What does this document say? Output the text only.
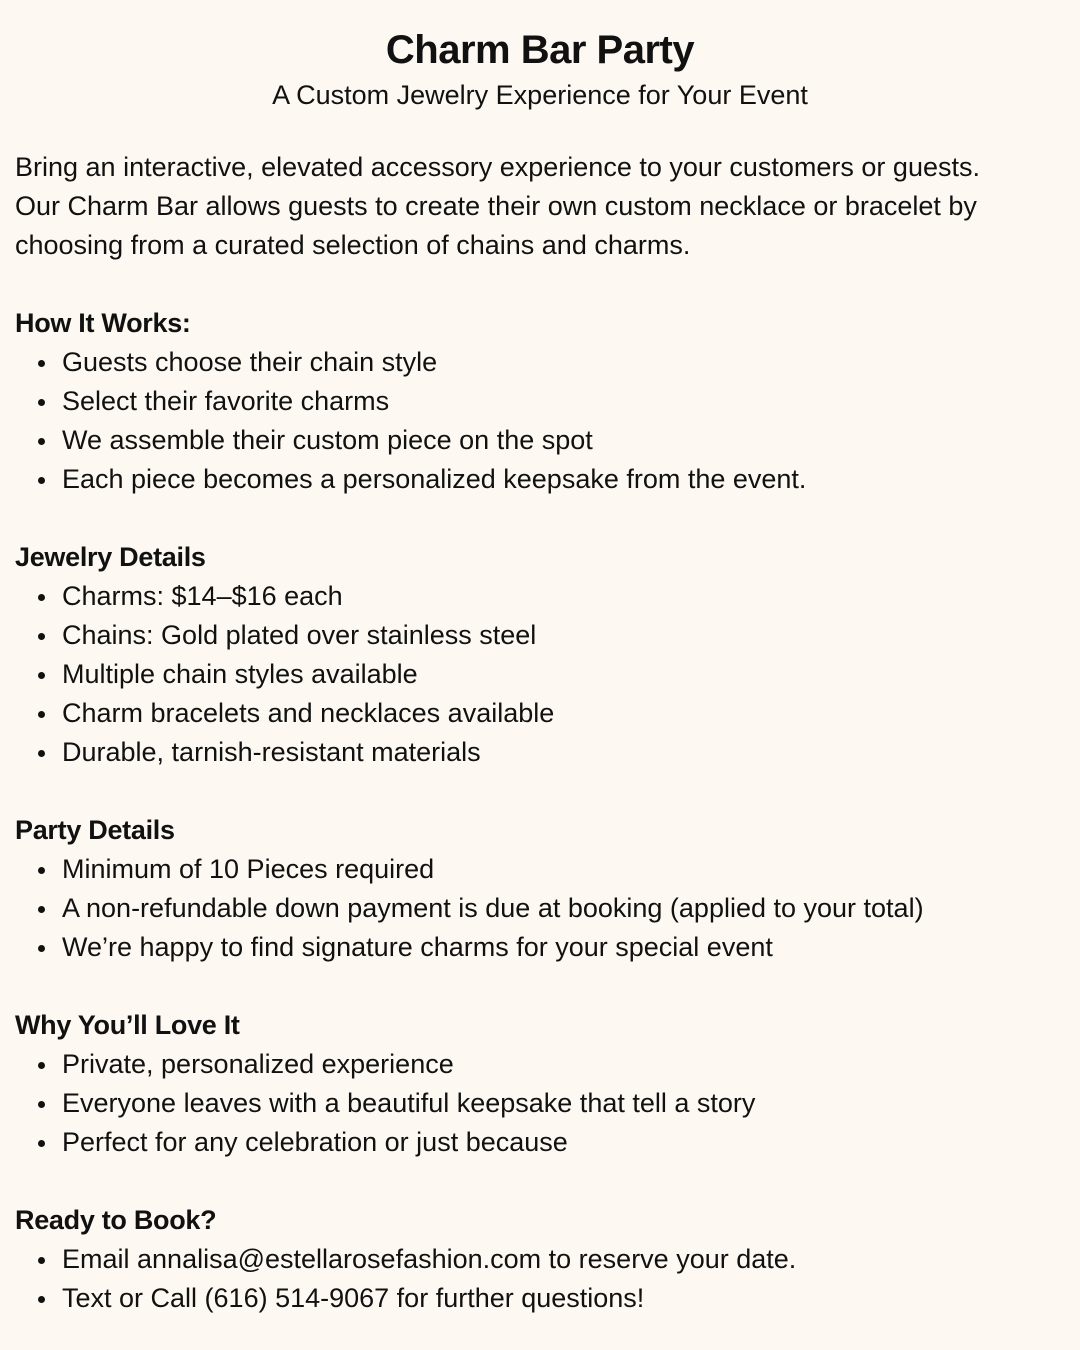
Charm Bar Party

A Custom Jewelry Experience for Your Event

Bring an interactive, elevated accessory experience to your customers or guests.
Our Charm Bar allows guests to create their own custom necklace or bracelet by
choosing from a curated selection of chains and charms.

How It Works:
Guests choose their chain style
Select their favorite charms
We assemble their custom piece on the spot
Each piece becomes a personalized keepsake from the event.
Jewelry Details
Charms: $14–$16 each
Chains: Gold plated over stainless steel
Multiple chain styles available
Charm bracelets and necklaces available
Durable, tarnish-resistant materials
Party Details
Minimum of 10 Pieces required
A non-refundable down payment is due at booking (applied to your total)
We’re happy to find signature charms for your special event
Why You’ll Love It
Private, personalized experience
Everyone leaves with a beautiful keepsake that tell a story
Perfect for any celebration or just because
Ready to Book?
Email annalisa@estellarosefashion.com to reserve your date.
Text or Call (616) 514-9067 for further questions!
